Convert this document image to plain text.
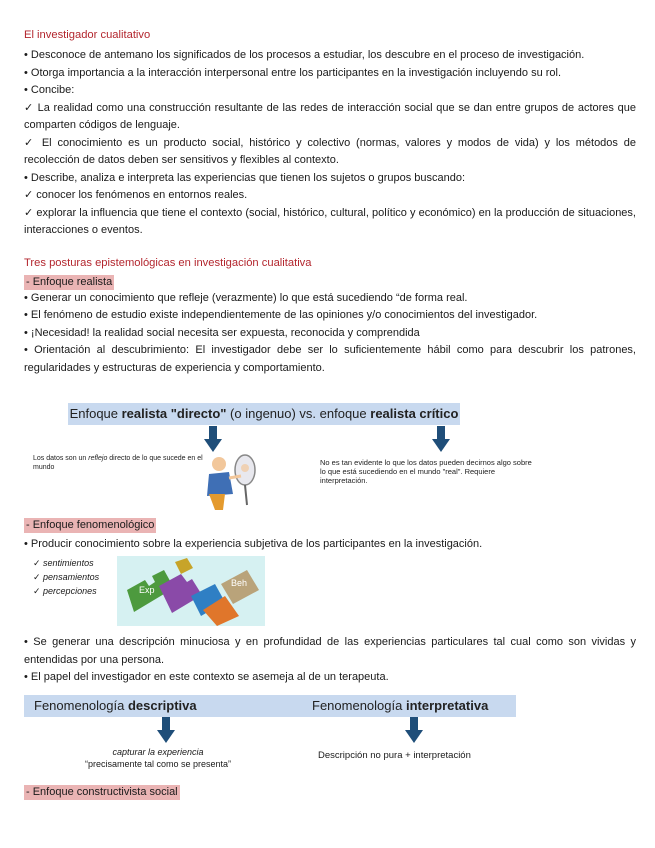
El investigador cualitativo
• Desconoce de antemano los significados de los procesos a estudiar, los descubre en el proceso de investigación.
• Otorga importancia a la interacción interpersonal entre los participantes en la investigación incluyendo su rol.
• Concibe:
✓ La realidad como una construcción resultante de las redes de interacción social que se dan entre grupos de actores que comparten códigos de lenguaje.
✓ El conocimiento es un producto social, histórico y colectivo (normas, valores y modos de vida) y los métodos de recolección de datos deben ser sensitivos y flexibles al contexto.
• Describe, analiza e interpreta las experiencias que tienen los sujetos o grupos buscando:
✓ conocer los fenómenos en entornos reales.
✓ explorar la influencia que tiene el contexto (social, histórico, cultural, político y económico) en la producción de situaciones, interacciones o eventos.
Tres posturas epistemológicas en investigación cualitativa
- Enfoque realista
• Generar un conocimiento que refleje (verazmente) lo que está sucediendo “de forma real.
• El fenómeno de estudio existe independientemente de las opiniones y/o conocimientos del investigador.
• ¡Necesidad! la realidad social necesita ser expuesta, reconocida y comprendida
• Orientación al descubrimiento: El investigador debe ser lo suficientemente hábil como para descubrir los patrones, regularidades y estructuras de experiencia y comportamiento.
Enfoque realista "directo" (o ingenuo) vs. enfoque realista crítico
Los datos son un reflejo directo de lo que sucede en el mundo
No es tan evidente lo que los datos pueden decirnos algo sobre lo que está sucediendo en el mundo "real". Requiere interpretación.
- Enfoque fenomenológico
• Producir conocimiento sobre la experiencia subjetiva de los participantes en la investigación.
✓ sentimientos
✓ pensamientos
✓ percepciones	Exp
Beh
• Se generar una descripción minuciosa y en profundidad de las experiencias particulares tal cual como son vividas y entendidas por una persona.
• El papel del investigador en este contexto se asemeja al de un terapeuta.
Fenomenología descriptiva	Fenomenología interpretativa
capturar la experiencia
“precisamente tal como se presenta”
Descripción no pura + interpretación
- Enfoque constructivista social
